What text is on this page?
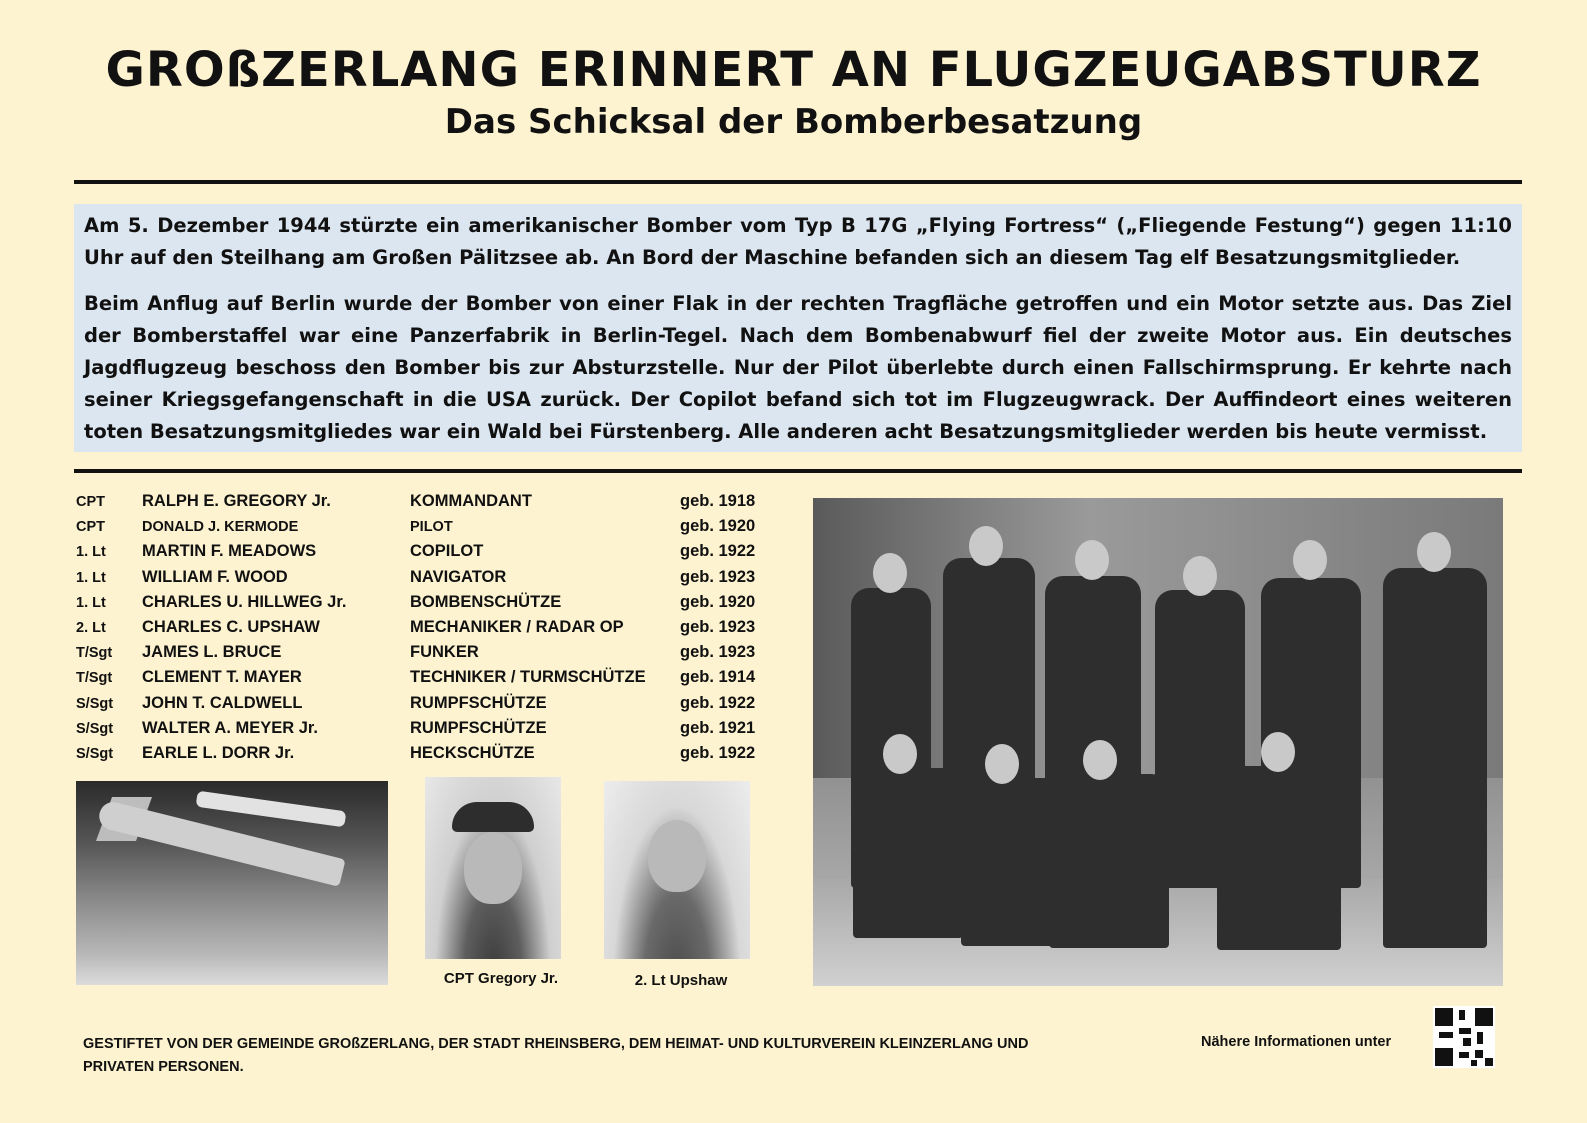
GROßZERLANG ERINNERT AN FLUGZEUGABSTURZ
Das Schicksal der Bomberbesatzung

Am 5. Dezember 1944 stürzte ein amerikanischer Bomber vom Typ B 17G „Flying Fortress“ („Fliegende Festung“) gegen 11:10 Uhr auf den Steilhang am Großen Pälitzsee ab. An Bord der Maschine befanden sich an diesem Tag elf Besatzungsmitglieder.

Beim Anflug auf Berlin wurde der Bomber von einer Flak in der rechten Tragfläche getroffen und ein Motor setzte aus. Das Ziel der Bomberstaffel war eine Panzerfabrik in Berlin-Tegel. Nach dem Bombenabwurf fiel der zweite Motor aus. Ein deutsches Jagdflugzeug beschoss den Bomber bis zur Absturzstelle. Nur der Pilot überlebte durch einen Fallschirmsprung. Er kehrte nach seiner Kriegsgefangenschaft in die USA zurück. Der Copilot befand sich tot im Flugzeugwrack. Der Auffindeort eines weiteren toten Besatzungsmitgliedes war ein Wald bei Fürstenberg. Alle anderen acht Besatzungsmitglieder werden bis heute vermisst.

CPT RALPH E. GREGORY Jr.	KOMMANDANT	geb. 1918
CPT	DONALD J. KERMODE	PILOT	geb. 1920
1. Lt MARTIN F. MEADOWS	COPILOT	geb. 1922
1. Lt WILLIAM F. WOOD	NAVIGATOR	geb. 1923
1. Lt CHARLES U. HILLWEG Jr.	BOMBENSCHÜTZE	geb. 1920
2. Lt CHARLES C. UPSHAW	MECHANIKER / RADAR OP	geb. 1923
T/Sgt JAMES L. BRUCE	FUNKER	geb. 1923
T/Sgt CLEMENT T. MAYER	TECHNIKER / TURMSCHÜTZE geb. 1914
S/Sgt JOHN T. CALDWELL	RUMPFSCHÜTZE	geb. 1922
S/Sgt WALTER A. MEYER Jr.	RUMPFSCHÜTZE	geb. 1921
S/Sgt EARLE L. DORR Jr.	HECKSCHÜTZE	geb. 1922
CPT Gregory Jr.	2. Lt Upshaw
GESTIFTET VON DER GEMEINDE GROßZERLANG, DER STADT RHEINSBERG, DEM HEIMAT- UND KULTURVEREIN KLEINZERLANG UND PRIVATEN PERSONEN.
Nähere Informationen unter
